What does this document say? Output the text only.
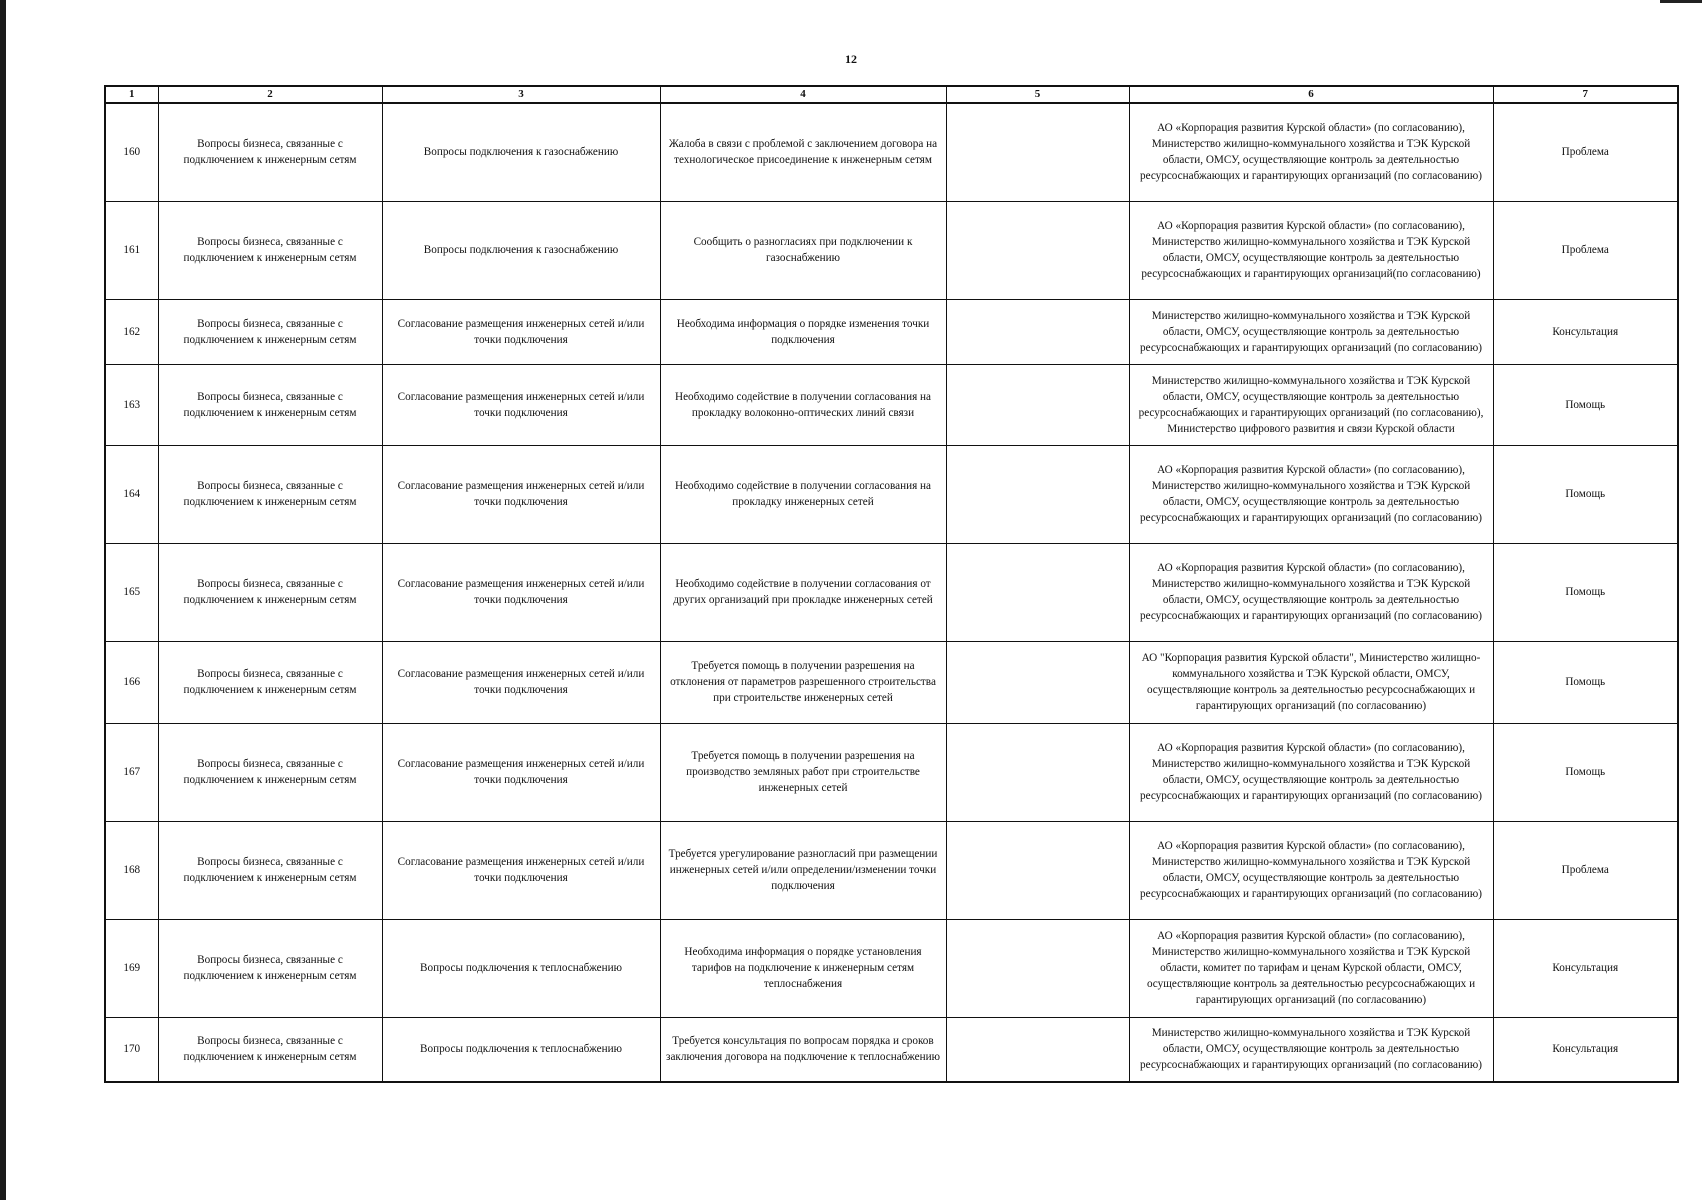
12
1	2	3	4	5	6	7
160	Вопросы бизнеса, связанные с подключением к инженерным сетям	Вопросы подключения к газоснабжению	Жалоба в связи с проблемой с заключением договора на технологическое присоединение к инженерным сетям		АО «Корпорация развития Курской области» (по согласованию), Министерство жилищно-коммунального хозяйства и ТЭК Курской области, ОМСУ, осуществляющие контроль за деятельностью ресурсоснабжающих и гарантирующих организаций (по согласованию)	Проблема
161	Вопросы бизнеса, связанные с подключением к инженерным сетям	Вопросы подключения к газоснабжению	Сообщить о разногласиях при подключении к газоснабжению		АО «Корпорация развития Курской области» (по согласованию), Министерство жилищно-коммунального хозяйства и ТЭК Курской области, ОМСУ, осуществляющие контроль за деятельностью ресурсоснабжающих и гарантирующих организаций(по согласованию)	Проблема
162	Вопросы бизнеса, связанные с подключением к инженерным сетям	Согласование размещения инженерных сетей и/или точки подключения	Необходима информация о порядке изменения точки подключения		Министерство жилищно-коммунального хозяйства и ТЭК Курской области, ОМСУ, осуществляющие контроль за деятельностью ресурсоснабжающих и гарантирующих организаций (по согласованию)	Консультация
163	Вопросы бизнеса, связанные с подключением к инженерным сетям	Согласование размещения инженерных сетей и/или точки подключения	Необходимо содействие в получении согласования на прокладку волоконно-оптических линий связи		Министерство жилищно-коммунального хозяйства и ТЭК Курской области, ОМСУ, осуществляющие контроль за деятельностью ресурсоснабжающих и гарантирующих организаций (по согласованию), Министерство цифрового развития и связи Курской области	Помощь
164	Вопросы бизнеса, связанные с подключением к инженерным сетям	Согласование размещения инженерных сетей и/или точки подключения	Необходимо содействие в получении согласования на прокладку инженерных сетей		АО «Корпорация развития Курской области» (по согласованию), Министерство жилищно-коммунального хозяйства и ТЭК Курской области, ОМСУ, осуществляющие контроль за деятельностью ресурсоснабжающих и гарантирующих организаций (по согласованию)	Помощь
165	Вопросы бизнеса, связанные с подключением к инженерным сетям	Согласование размещения инженерных сетей и/или точки подключения	Необходимо содействие в получении согласования от других организаций при прокладке инженерных сетей		АО «Корпорация развития Курской области» (по согласованию), Министерство жилищно-коммунального хозяйства и ТЭК Курской области, ОМСУ, осуществляющие контроль за деятельностью ресурсоснабжающих и гарантирующих организаций (по согласованию)	Помощь
166	Вопросы бизнеса, связанные с подключением к инженерным сетям	Согласование размещения инженерных сетей и/или точки подключения	Требуется помощь в получении разрешения на отклонения от параметров разрешенного строительства при строительстве инженерных сетей		АО "Корпорация развития Курской области", Министерство жилищно-коммунального хозяйства и ТЭК Курской области, ОМСУ, осуществляющие контроль за деятельностью ресурсоснабжающих и гарантирующих организаций (по согласованию)	Помощь
167	Вопросы бизнеса, связанные с подключением к инженерным сетям	Согласование размещения инженерных сетей и/или точки подключения	Требуется помощь в получении разрешения на производство земляных работ при строительстве инженерных сетей		АО «Корпорация развития Курской области» (по согласованию), Министерство жилищно-коммунального хозяйства и ТЭК Курской области, ОМСУ, осуществляющие контроль за деятельностью ресурсоснабжающих и гарантирующих организаций (по согласованию)	Помощь
168	Вопросы бизнеса, связанные с подключением к инженерным сетям	Согласование размещения инженерных сетей и/или точки подключения	Требуется урегулирование разногласий при размещении инженерных сетей и/или определении/изменении точки подключения		АО «Корпорация развития Курской области» (по согласованию), Министерство жилищно-коммунального хозяйства и ТЭК Курской области, ОМСУ, осуществляющие контроль за деятельностью ресурсоснабжающих и гарантирующих организаций (по согласованию)	Проблема
169	Вопросы бизнеса, связанные с подключением к инженерным сетям	Вопросы подключения к теплоснабжению	Необходима информация о порядке установления тарифов на подключение к инженерным сетям теплоснабжения		АО «Корпорация развития Курской области» (по согласованию), Министерство жилищно-коммунального хозяйства и ТЭК Курской области, комитет по тарифам и ценам Курской области, ОМСУ, осуществляющие контроль за деятельностью ресурсоснабжающих и гарантирующих организаций (по согласованию)	Консультация
170	Вопросы бизнеса, связанные с подключением к инженерным сетям	Вопросы подключения к теплоснабжению	Требуется консультация по вопросам порядка и сроков заключения договора на подключение к теплоснабжению		Министерство жилищно-коммунального хозяйства и ТЭК Курской области, ОМСУ, осуществляющие контроль за деятельностью ресурсоснабжающих и гарантирующих организаций (по согласованию)	Консультация
